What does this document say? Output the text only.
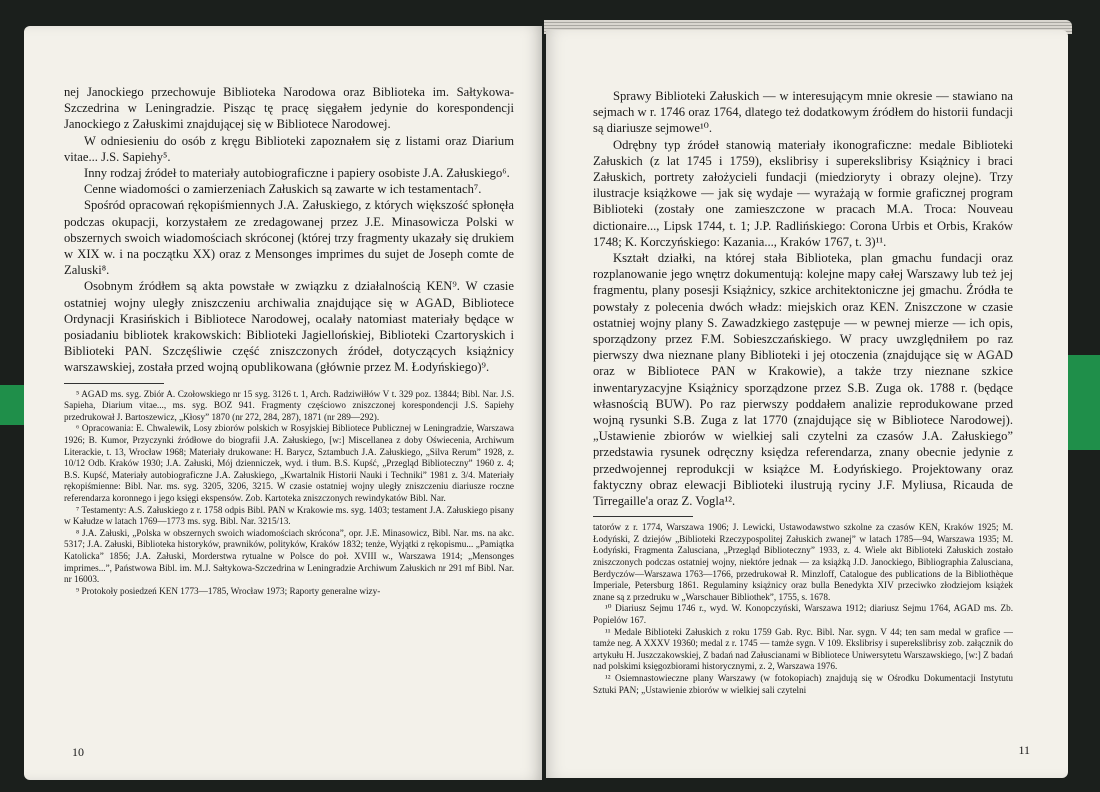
nej Janockiego przechowuje Biblioteka Narodowa oraz Biblioteka im. Sałtykowa-Szczedrina w Leningradzie. Pisząc tę pracę sięgałem jedynie do korespondencji Janockiego z Załuskimi znajdującej się w Bibliotece Narodowej.

W odniesieniu do osób z kręgu Biblioteki zapoznałem się z listami oraz Diarium vitae... J.S. Sapiehy⁵.

Inny rodzaj źródeł to materiały autobiograficzne i papiery osobiste J.A. Załuskiego⁶.

Cenne wiadomości o zamierzeniach Załuskich są zawarte w ich testamentach⁷.

Spośród opracowań rękopiśmiennych J.A. Załuskiego, z których większość spłonęła podczas okupacji, korzystałem ze zredagowanej przez J.E. Minasowicza Polski w obszernych swoich wiadomościach skróconej (której trzy fragmenty ukazały się drukiem w XIX w. i na początku XX) oraz z Mensonges imprimes du sujet de Joseph comte de Zaluski⁸.

Osobnym źródłem są akta powstałe w związku z działalnością KEN⁹. W czasie ostatniej wojny uległy zniszczeniu archiwalia znajdujące się w AGAD, Bibliotece Ordynacji Krasińskich i Bibliotece Narodowej, ocalały natomiast materiały będące w posiadaniu bibliotek krakowskich: Biblioteki Jagiellońskiej, Biblioteki Czartoryskich i Biblioteki PAN. Szczęśliwie część zniszczonych źródeł, dotyczących książnicy warszawskiej, została przed wojną opublikowana (głównie przez M. Łodyńskiego)⁹.

⁵ AGAD ms. syg. Zbiór A. Czołowskiego nr 15 syg. 3126 t. 1, Arch. Radziwiłłów V t. 329 poz. 13844; Bibl. Nar. J.S. Sapieha, Diarium vitae..., ms. syg. BOZ 941. Fragmenty częściowo zniszczonej korespondencji J.S. Sapiehy przedrukował J. Bartoszewicz, „Kłosy” 1870 (nr 272, 284, 287), 1871 (nr 289—292).

⁶ Opracowania: E. Chwalewik, Losy zbiorów polskich w Rosyjskiej Bibliotece Publicznej w Leningradzie, Warszawa 1926; B. Kumor, Przyczynki źródłowe do biografii J.A. Załuskiego, [w:] Miscellanea z doby Oświecenia, Archiwum Literackie, t. 13, Wrocław 1968; Materiały drukowane: H. Barycz, Sztambuch J.A. Załuskiego, „Silva Rerum” 1928, z. 10/12 Odb. Kraków 1930; J.A. Załuski, Mój dzienniczek, wyd. i tłum. B.S. Kupść, „Przegląd Biblioteczny” 1960 z. 4; B.S. Kupść, Materiały autobiograficzne J.A. Załuskiego, „Kwartalnik Historii Nauki i Techniki” 1981 z. 3/4. Materiały rękopiśmienne: Bibl. Nar. ms. syg. 3205, 3206, 3215. W czasie ostatniej wojny uległy zniszczeniu diariusze roczne referendarza koronnego i jego księgi ekspensów. Zob. Kartoteka zniszczonych rewindykatów Bibl. Nar.

⁷ Testamenty: A.S. Załuskiego z r. 1758 odpis Bibl. PAN w Krakowie ms. syg. 1403; testament J.A. Załuskiego pisany w Kałudze w latach 1769—1773 ms. syg. Bibl. Nar. 3215/13.

⁸ J.A. Załuski, „Polska w obszernych swoich wiadomościach skrócona”, opr. J.E. Minasowicz, Bibl. Nar. ms. na akc. 5317; J.A. Załuski, Biblioteka historyków, prawników, polityków, Kraków 1832; tenże, Wyjątki z rękopismu... „Pamiątka Katolicka” 1856; J.A. Załuski, Morderstwa rytualne w Polsce do poł. XVIII w., Warszawa 1914; „Mensonges imprimes...”, Państwowa Bibl. im. M.J. Sałtykowa-Szczedrina w Leningradzie Archiwum Załuskich nr 291 mf Bibl. Nar. nr 16003.

⁹ Protokoły posiedzeń KEN 1773—1785, Wrocław 1973; Raporty generalne wizy-

10

Sprawy Biblioteki Załuskich — w interesującym mnie okresie — stawiano na sejmach w r. 1746 oraz 1764, dlatego też dodatkowym źródłem do historii fundacji są diariusze sejmowe¹⁰.

Odrębny typ źródeł stanowią materiały ikonograficzne: medale Biblioteki Załuskich (z lat 1745 i 1759), ekslibrisy i superekslibrisy Książnicy i braci Załuskich, portrety założycieli fundacji (miedzioryty i obrazy olejne). Trzy ilustracje książkowe — jak się wydaje — wyrażają w formie graficznej program Biblioteki (zostały one zamieszczone w pracach M.A. Troca: Nouveau dictionaire..., Lipsk 1744, t. 1; J.P. Radlińskiego: Corona Urbis et Orbis, Kraków 1748; K. Korczyńskiego: Kazania..., Kraków 1767, t. 3)¹¹.

Kształt działki, na której stała Biblioteka, plan gmachu fundacji oraz rozplanowanie jego wnętrz dokumentują: kolejne mapy całej Warszawy lub też jej fragmentu, plany posesji Książnicy, szkice architektoniczne jej gmachu. Źródła te powstały z polecenia dwóch władz: miejskich oraz KEN. Zniszczone w czasie ostatniej wojny plany S. Zawadzkiego zastępuje — w pewnej mierze — ich opis, sporządzony przez F.M. Sobieszczańskiego. W pracy uwzględniłem po raz pierwszy dwa nieznane plany Biblioteki i jej otoczenia (znajdujące się w AGAD oraz w Bibliotece PAN w Krakowie), a także trzy nieznane szkice inwentaryzacyjne Książnicy sporządzone przez S.B. Zuga ok. 1788 r. (będące własnością BUW). Po raz pierwszy poddałem analizie reprodukowane przed wojną rysunki S.B. Zuga z lat 1770 (znajdujące się w Bibliotece Narodowej). „Ustawienie zbiorów w wielkiej sali czytelni za czasów J.A. Załuskiego” przedstawia rysunek odręczny księdza referendarza, znany obecnie jedynie z przedwojennej reprodukcji w książce M. Łodyńskiego. Projektowany oraz faktyczny obraz elewacji Biblioteki ilustrują ryciny J.F. Myliusa, Ricauda de Tirregaille'a oraz Z. Vogla¹².

tatorów z r. 1774, Warszawa 1906; J. Lewicki, Ustawodawstwo szkolne za czasów KEN, Kraków 1925; M. Łodyński, Z dziejów „Biblioteki Rzeczypospolitej Załuskich zwanej” w latach 1785—94, Warszawa 1935; M. Łodyński, Fragmenta Zalusciana, „Przegląd Biblioteczny” 1933, z. 4. Wiele akt Biblioteki Załuskich zostało zniszczonych podczas ostatniej wojny, niektóre jednak — za książką J.D. Janockiego, Bibliographia Zalusciana, Berdyczów—Warszawa 1763—1766, przedrukował R. Minzloff, Catalogue des publications de la Bibliothèque Imperiale, Petersburg 1861. Regulaminy książnicy oraz bulla Benedykta XIV przeciwko złodziejom książek znane są z przedruku w „Warschauer Bibliothek”, 1755, s. 1678.

¹⁰ Diariusz Sejmu 1746 r., wyd. W. Konopczyński, Warszawa 1912; diariusz Sejmu 1764, AGAD ms. Zb. Popielów 167.

¹¹ Medale Biblioteki Załuskich z roku 1759 Gab. Ryc. Bibl. Nar. sygn. V 44; ten sam medal w grafice — tamże neg. A XXXV 19360; medal z r. 1745 — tamże sygn. V 109. Ekslibrisy i superekslibrisy zob. załącznik do artykułu H. Juszczakowskiej, Z badań nad Załuscianami w Bibliotece Uniwersytetu Warszawskiego, [w:] Z badań nad polskimi księgozbiorami historycznymi, z. 2, Warszawa 1976.

¹² Osiemnastowieczne plany Warszawy (w fotokopiach) znajdują się w Ośrodku Dokumentacji Instytutu Sztuki PAN; „Ustawienie zbiorów w wielkiej sali czytelni

11
